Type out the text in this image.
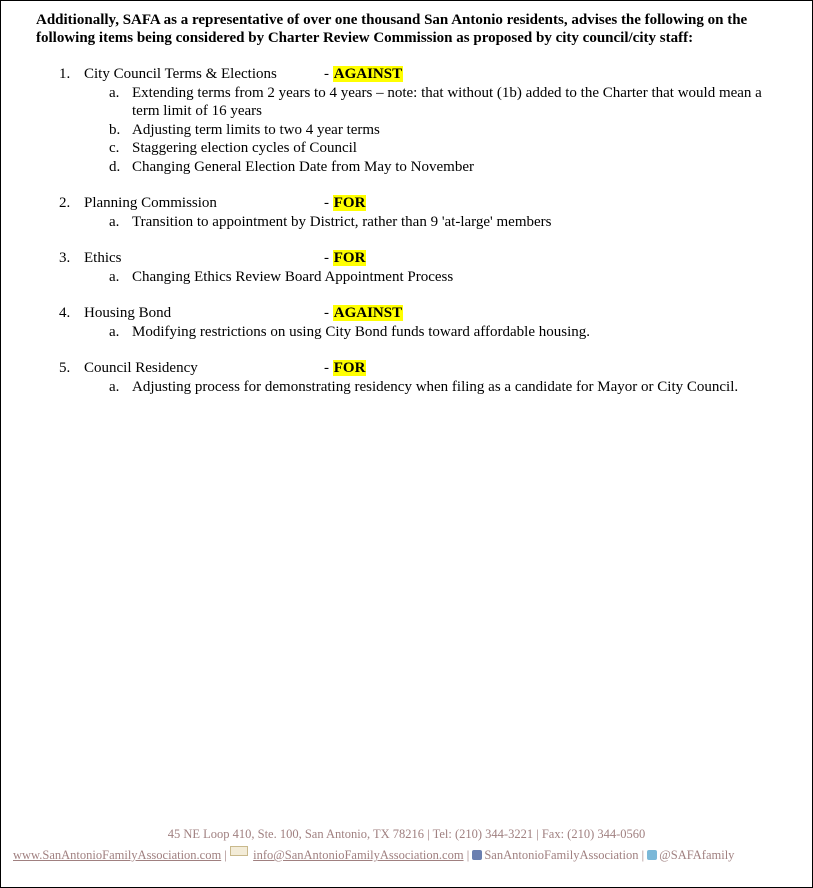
Additionally, SAFA as a representative of over one thousand San Antonio residents, advises the following on the following items being considered by Charter Review Commission as proposed by city council/city staff:
1. City Council Terms & Elections	- AGAINST
a. Extending terms from 2 years to 4 years – note: that without (1b) added to the Charter that would mean a term limit of 16 years
b. Adjusting term limits to two 4 year terms
c. Staggering election cycles of Council
d. Changing General Election Date from May to November
2. Planning Commission	- FOR
a. Transition to appointment by District, rather than 9 'at-large' members
3. Ethics	- FOR
a. Changing Ethics Review Board Appointment Process
4. Housing Bond	- AGAINST
a. Modifying restrictions on using City Bond funds toward affordable housing.
5. Council Residency	- FOR
a. Adjusting process for demonstrating residency when filing as a candidate for Mayor or City Council.
45 NE Loop 410, Ste. 100, San Antonio, TX 78216 | Tel: (210) 344-3221 | Fax: (210) 344-0560
www.SanAntonioFamilyAssociation.com |  info@SanAntonioFamilyAssociation.com | SanAntonioFamilyAssociation | @SAFAfamily
